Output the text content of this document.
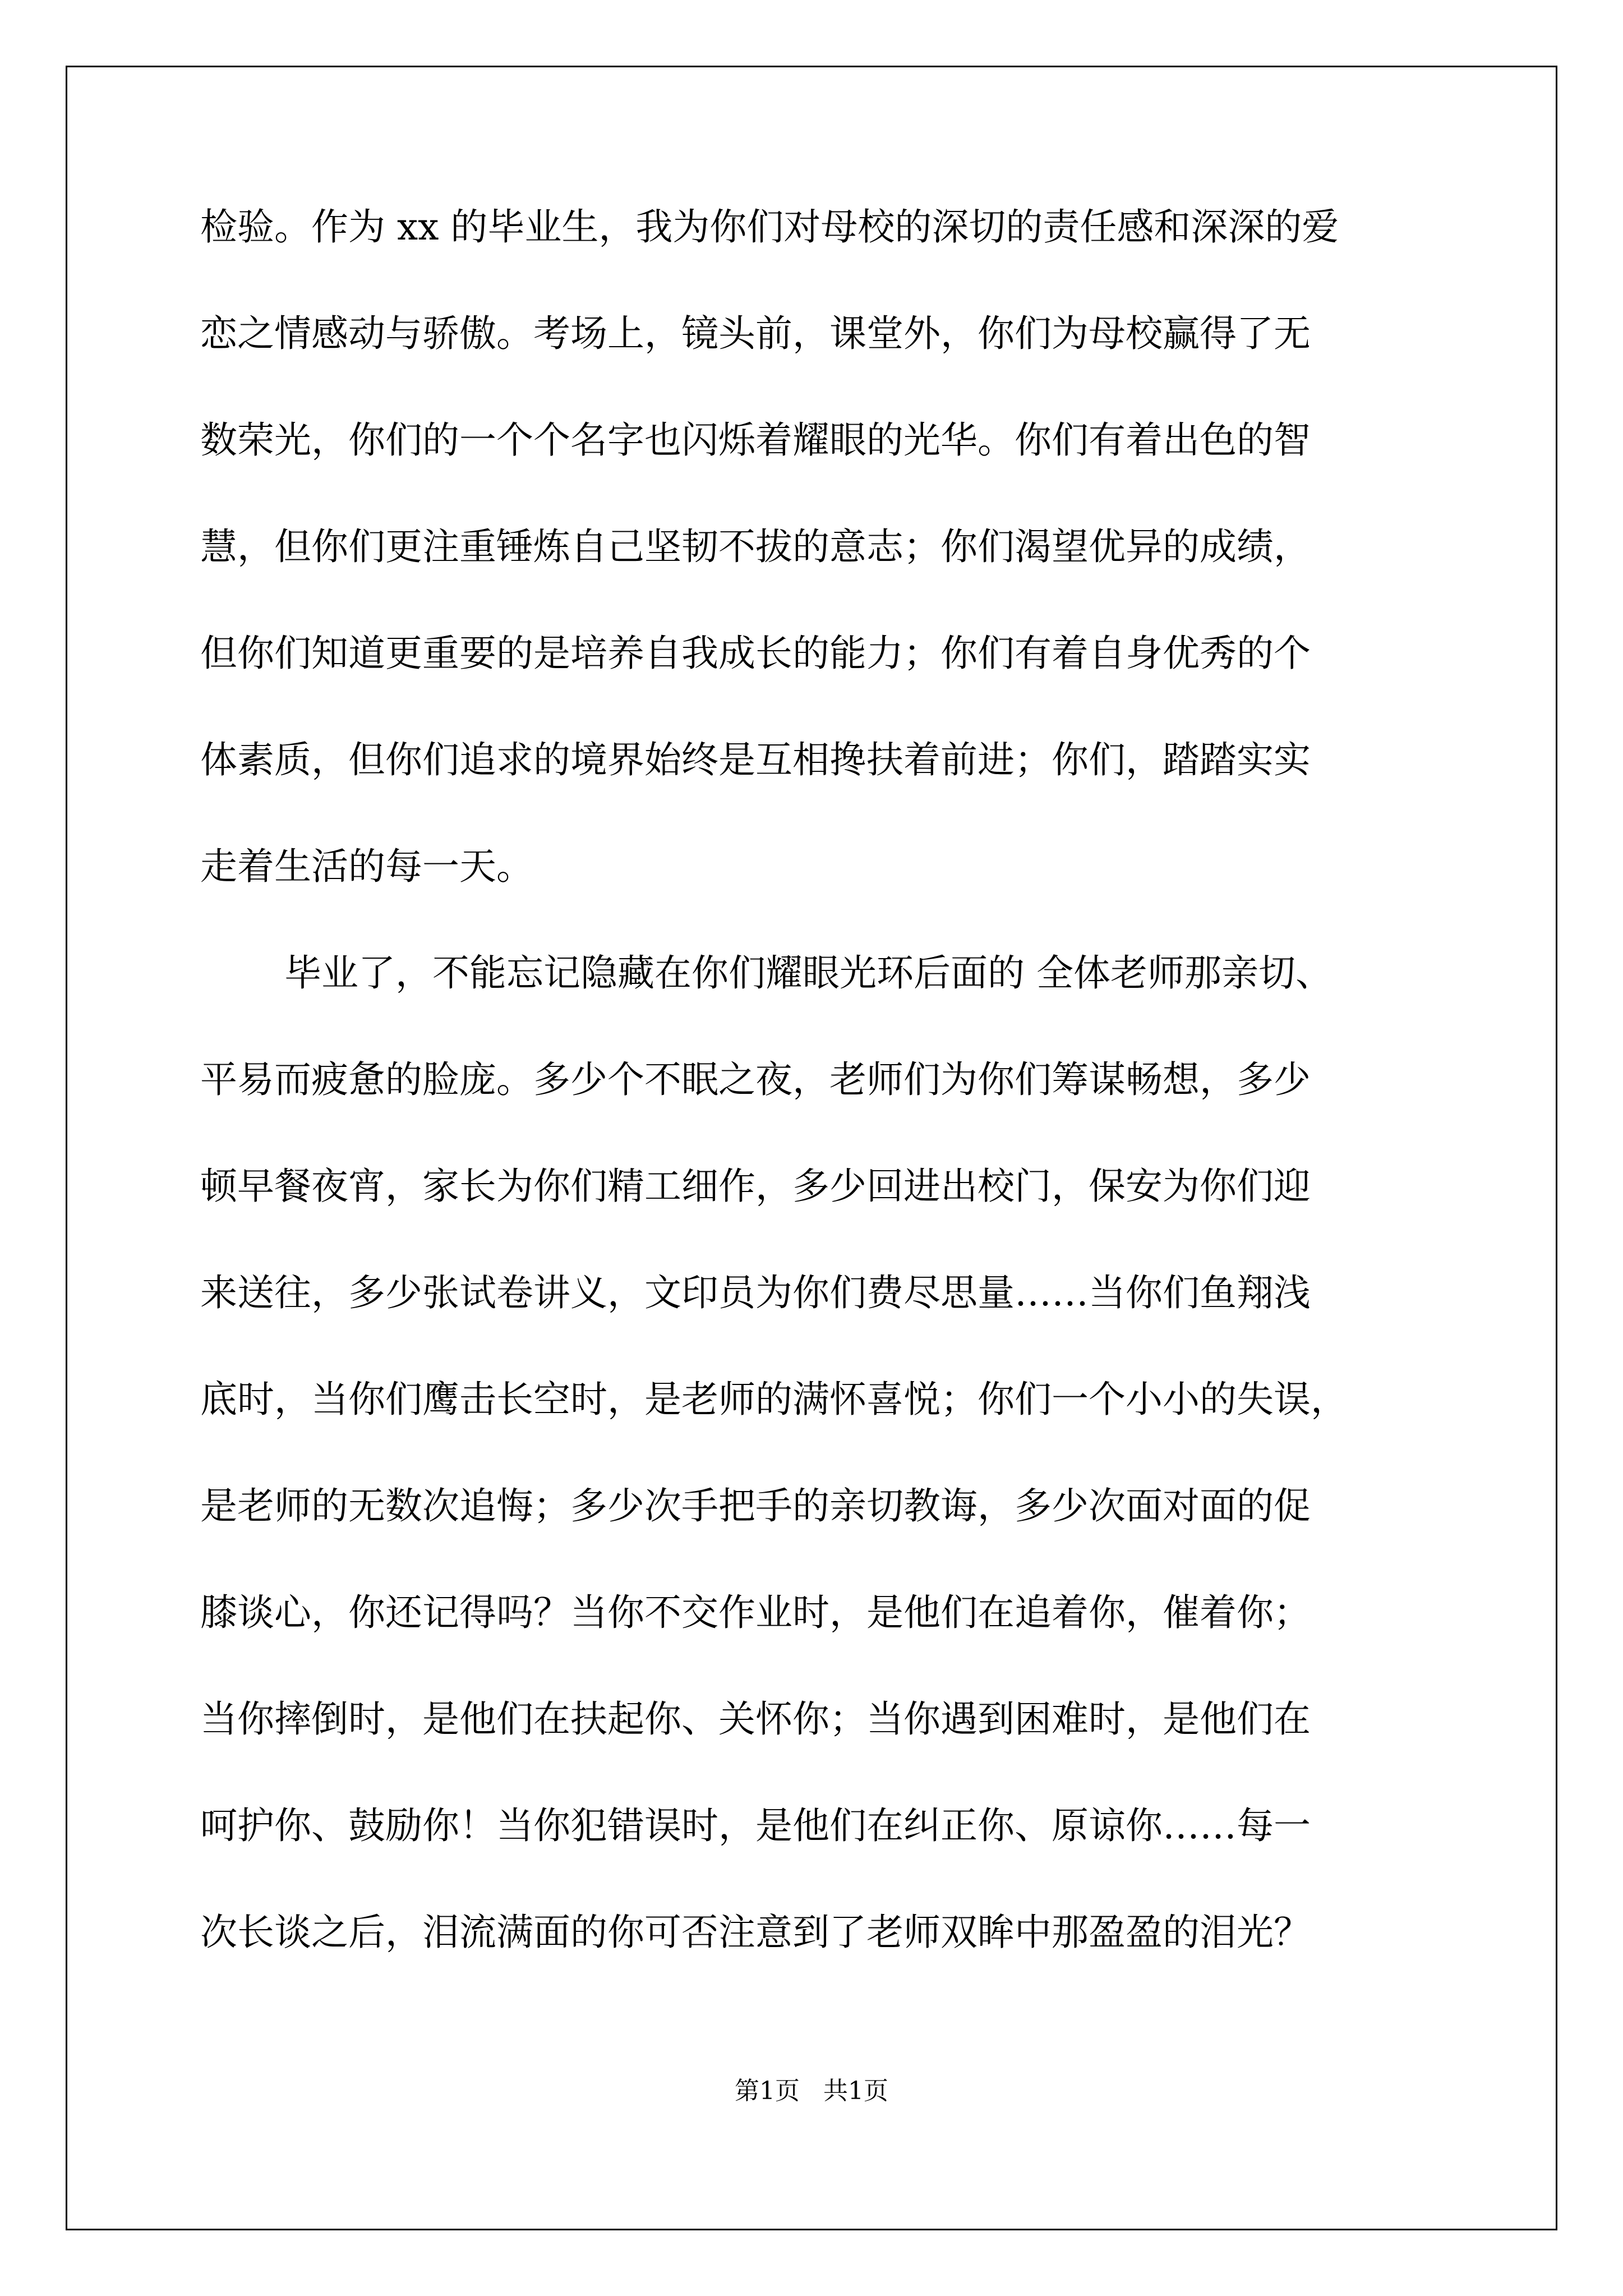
检验。作为 xx 的毕业生，我为你们对母校的深切的责任感和深深的爱
恋之情感动与骄傲。考场上，镜头前，课堂外，你们为母校赢得了无
数荣光，你们的一个个名字也闪烁着耀眼的光华。你们有着出色的智
慧，但你们更注重锤炼自己坚韧不拔的意志；你们渴望优异的成绩，
但你们知道更重要的是培养自我成长的能力；你们有着自身优秀的个
体素质，但你们追求的境界始终是互相搀扶着前进；你们，踏踏实实
走着生活的每一天。
毕业了，不能忘记隐藏在你们耀眼光环后面的 全体老师那亲切、
平易而疲惫的脸庞。多少个不眠之夜，老师们为你们筹谋畅想，多少
顿早餐夜宵，家长为你们精工细作，多少回进出校门，保安为你们迎
来送往，多少张试卷讲义，文印员为你们费尽思量……当你们鱼翔浅
底时，当你们鹰击长空时，是老师的满怀喜悦；你们一个小小的失误，
是老师的无数次追悔；多少次手把手的亲切教诲，多少次面对面的促
膝谈心，你还记得吗？当你不交作业时，是他们在追着你，催着你；
当你摔倒时，是他们在扶起你、关怀你；当你遇到困难时，是他们在
呵护你、鼓励你！当你犯错误时，是他们在纠正你、原谅你……每一
次长谈之后，泪流满面的你可否注意到了老师双眸中那盈盈的泪光？
第1页   共1页
